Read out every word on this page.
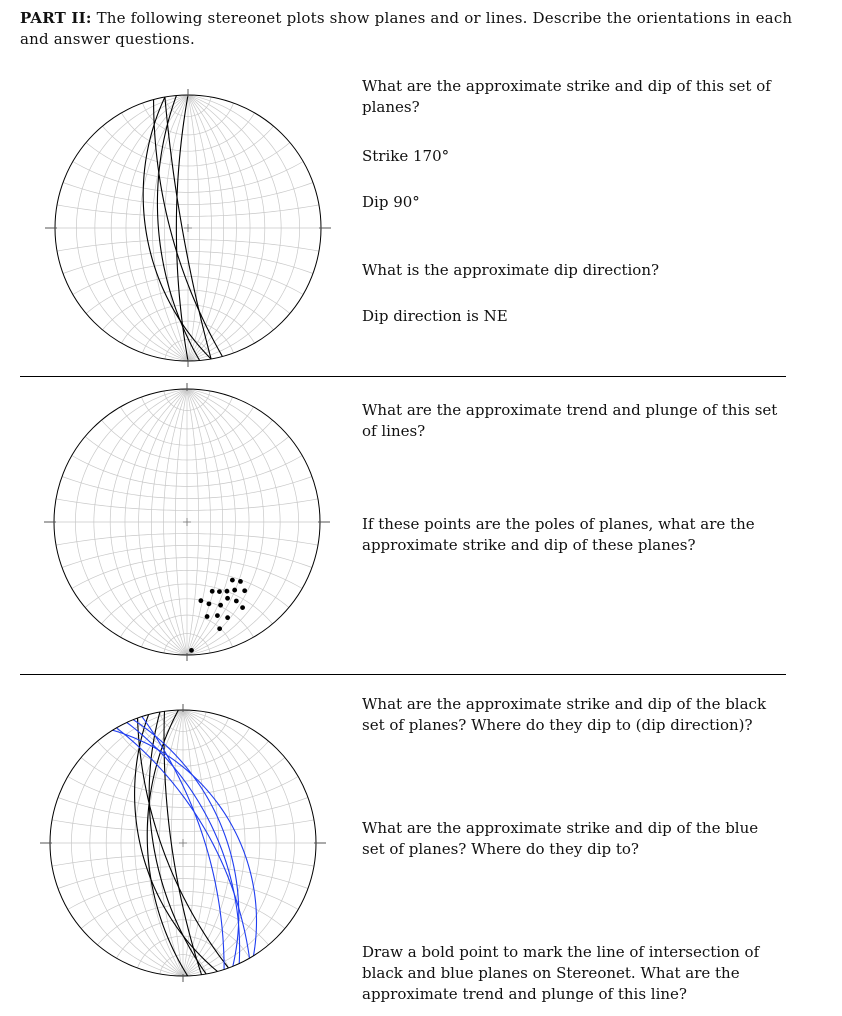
PART II: The following stereonet plots show planes and or lines. Describe the orientations in each and answer questions.
What are the approximate strike and dip of this set of planes?
Strike 170°
Dip 90°
What is the approximate dip direction?
Dip direction is NE
What are the approximate trend and plunge of this set of lines?
If these points are the poles of planes, what are the approximate strike and dip of these planes?
What are the approximate strike and dip of the black set of planes? Where do they dip to (dip direction)?
What are the approximate strike and dip of the blue set of planes? Where do they dip to?
Draw a bold point to mark the line of intersection of black and blue planes on Stereonet. What are the approximate trend and plunge of this line?
